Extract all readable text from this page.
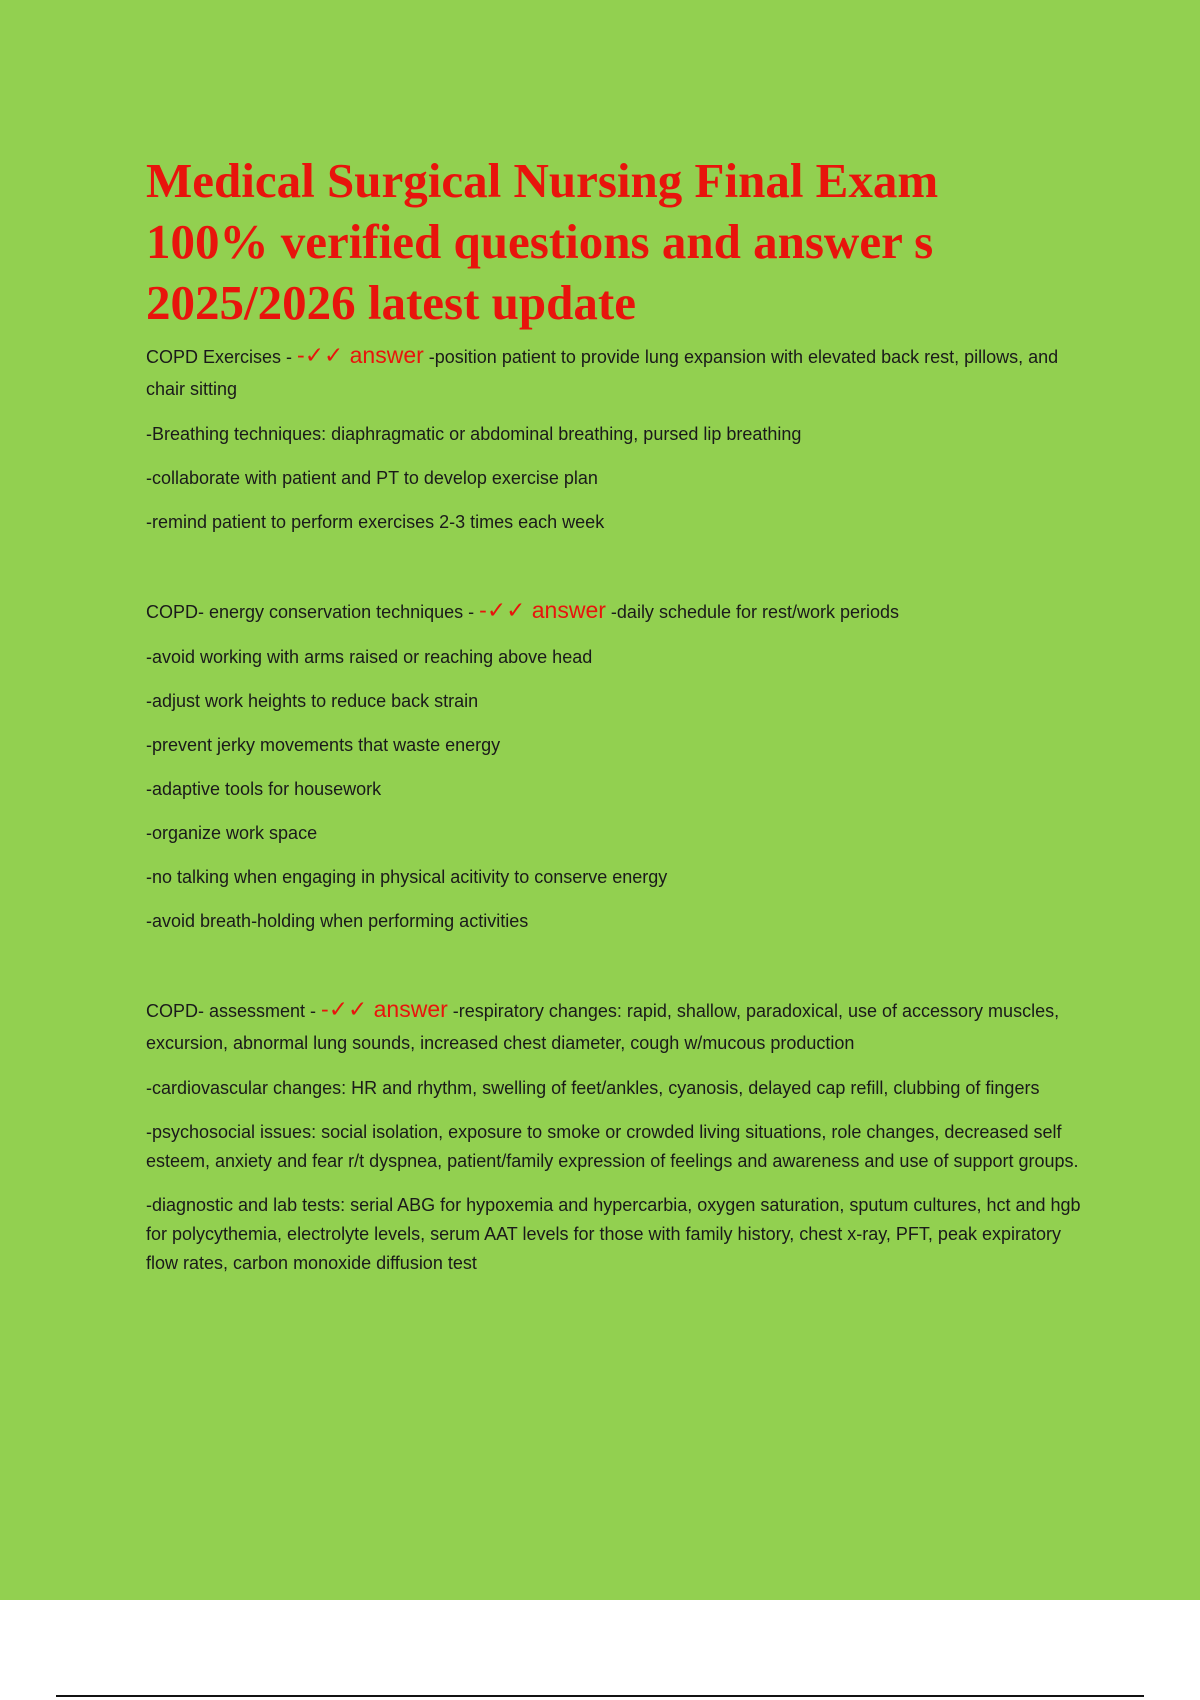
Medical Surgical Nursing Final Exam
100% verified questions and answer s
2025/2026 latest update

COPD Exercises - -✓✓ answer -position patient to provide lung expansion with elevated back rest, pillows, and chair sitting

-Breathing techniques: diaphragmatic or abdominal breathing, pursed lip breathing

-collaborate with patient and PT to develop exercise plan

-remind patient to perform exercises 2-3 times each week

COPD- energy conservation techniques - -✓✓ answer -daily schedule for rest/work periods

-avoid working with arms raised or reaching above head

-adjust work heights to reduce back strain

-prevent jerky movements that waste energy

-adaptive tools for housework

-organize work space

-no talking when engaging in physical acitivity to conserve energy

-avoid breath-holding when performing activities

COPD- assessment - -✓✓ answer -respiratory changes: rapid, shallow, paradoxical, use of accessory muscles, excursion, abnormal lung sounds, increased chest diameter, cough w/mucous production

-cardiovascular changes: HR and rhythm, swelling of feet/ankles, cyanosis, delayed cap refill, clubbing of fingers

-psychosocial issues: social isolation, exposure to smoke or crowded living situations, role changes, decreased self esteem, anxiety and fear r/t dyspnea, patient/family expression of feelings and awareness and use of support groups.

-diagnostic and lab tests: serial ABG for hypoxemia and hypercarbia, oxygen saturation, sputum cultures, hct and hgb for polycythemia, electrolyte levels, serum AAT levels for those with family history, chest x-ray, PFT, peak expiratory flow rates, carbon monoxide diffusion test
